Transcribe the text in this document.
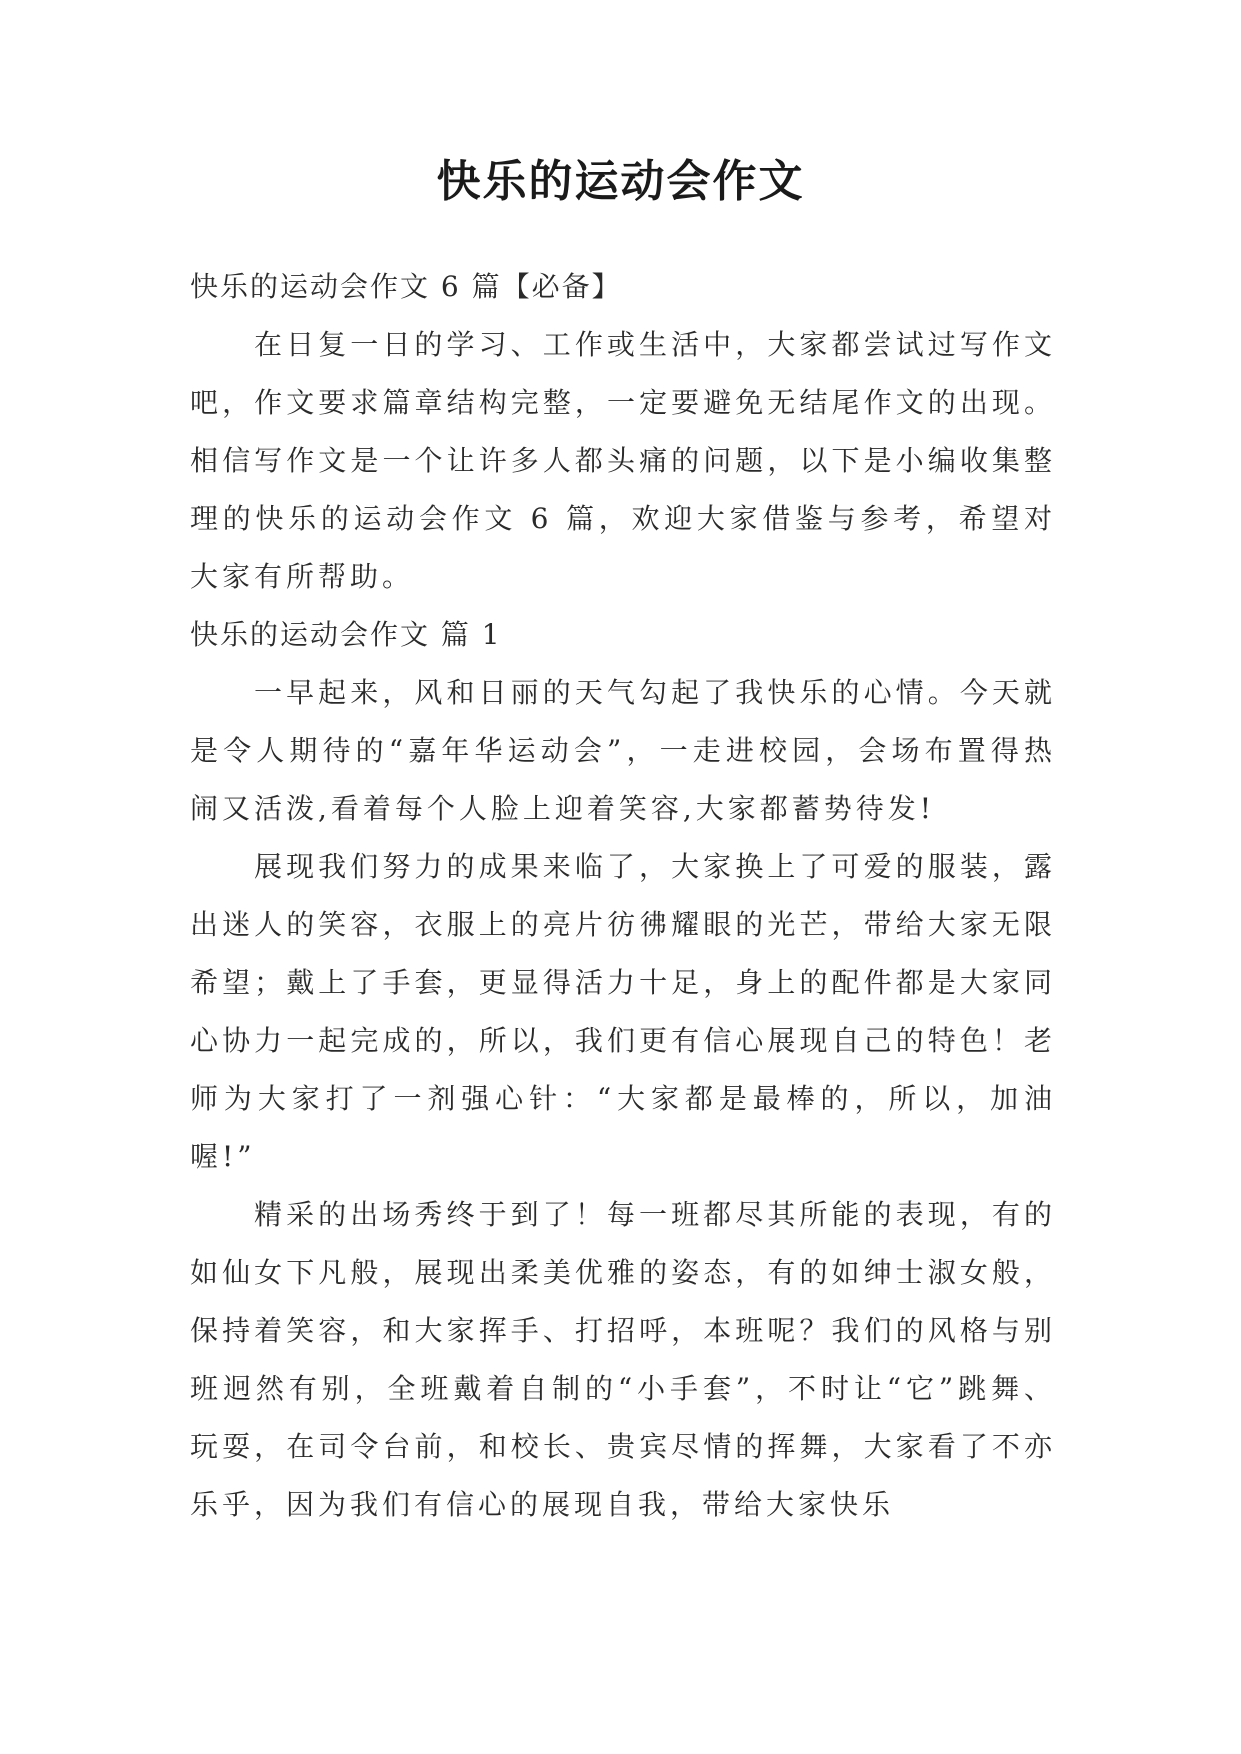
快乐的运动会作文

快乐的运动会作文 6 篇【必备】

在日复一日的学习、工作或生活中，大家都尝试过写作文吧，作文要求篇章结构完整，一定要避免无结尾作文的出现。相信写作文是一个让许多人都头痛的问题，以下是小编收集整理的快乐的运动会作文 6 篇，欢迎大家借鉴与参考，希望对大家有所帮助。

快乐的运动会作文 篇 1

一早起来，风和日丽的天气勾起了我快乐的心情。今天就是令人期待的“嘉年华运动会”，一走进校园，会场布置得热闹又活泼,看着每个人脸上迎着笑容,大家都蓄势待发!

展现我们努力的成果来临了，大家换上了可爱的服装，露出迷人的笑容，衣服上的亮片彷彿耀眼的光芒，带给大家无限希望；戴上了手套，更显得活力十足，身上的配件都是大家同心协力一起完成的，所以，我们更有信心展现自己的特色！老师为大家打了一剂强心针：“大家都是最棒的，所以，加油喔!”

精采的出场秀终于到了！每一班都尽其所能的表现，有的如仙女下凡般，展现出柔美优雅的姿态，有的如绅士淑女般，保持着笑容，和大家挥手、打招呼，本班呢？我们的风格与别班迥然有别，全班戴着自制的“小手套”，不时让“它”跳舞、玩耍，在司令台前，和校长、贵宾尽情的挥舞，大家看了不亦乐乎，因为我们有信心的展现自我，带给大家快乐
